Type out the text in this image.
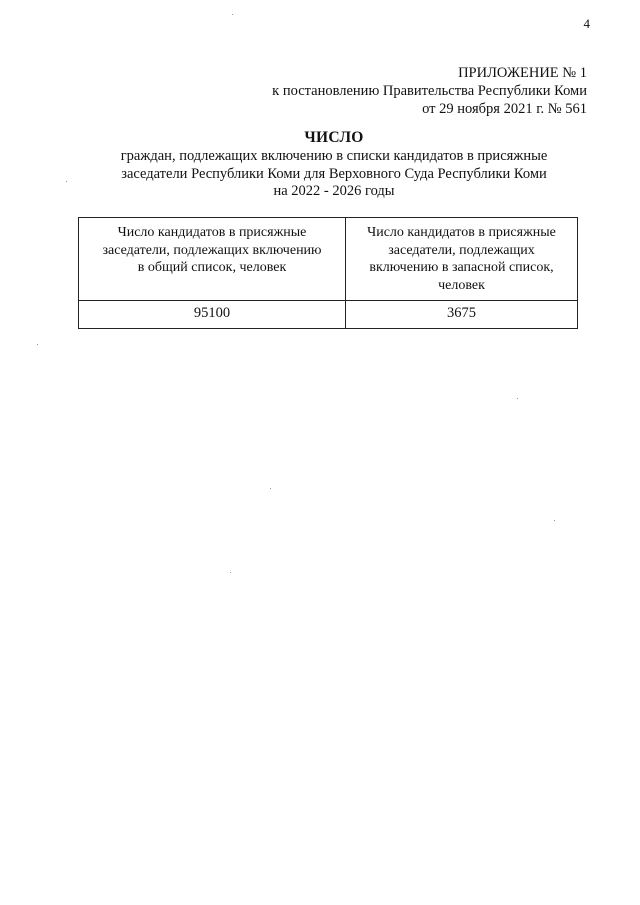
4
ПРИЛОЖЕНИЕ № 1
к постановлению Правительства Республики Коми
от 29 ноября 2021 г. № 561
ЧИСЛО
граждан, подлежащих включению в списки кандидатов в присяжные
заседатели Республики Коми для Верховного Суда Республики Коми
на 2022 - 2026 годы
Число кандидатов в присяжные
заседатели, подлежащих включению
в общий список, человек	Число кандидатов в присяжные
заседатели, подлежащих
включению в запасной список,
человек
95100	3675
